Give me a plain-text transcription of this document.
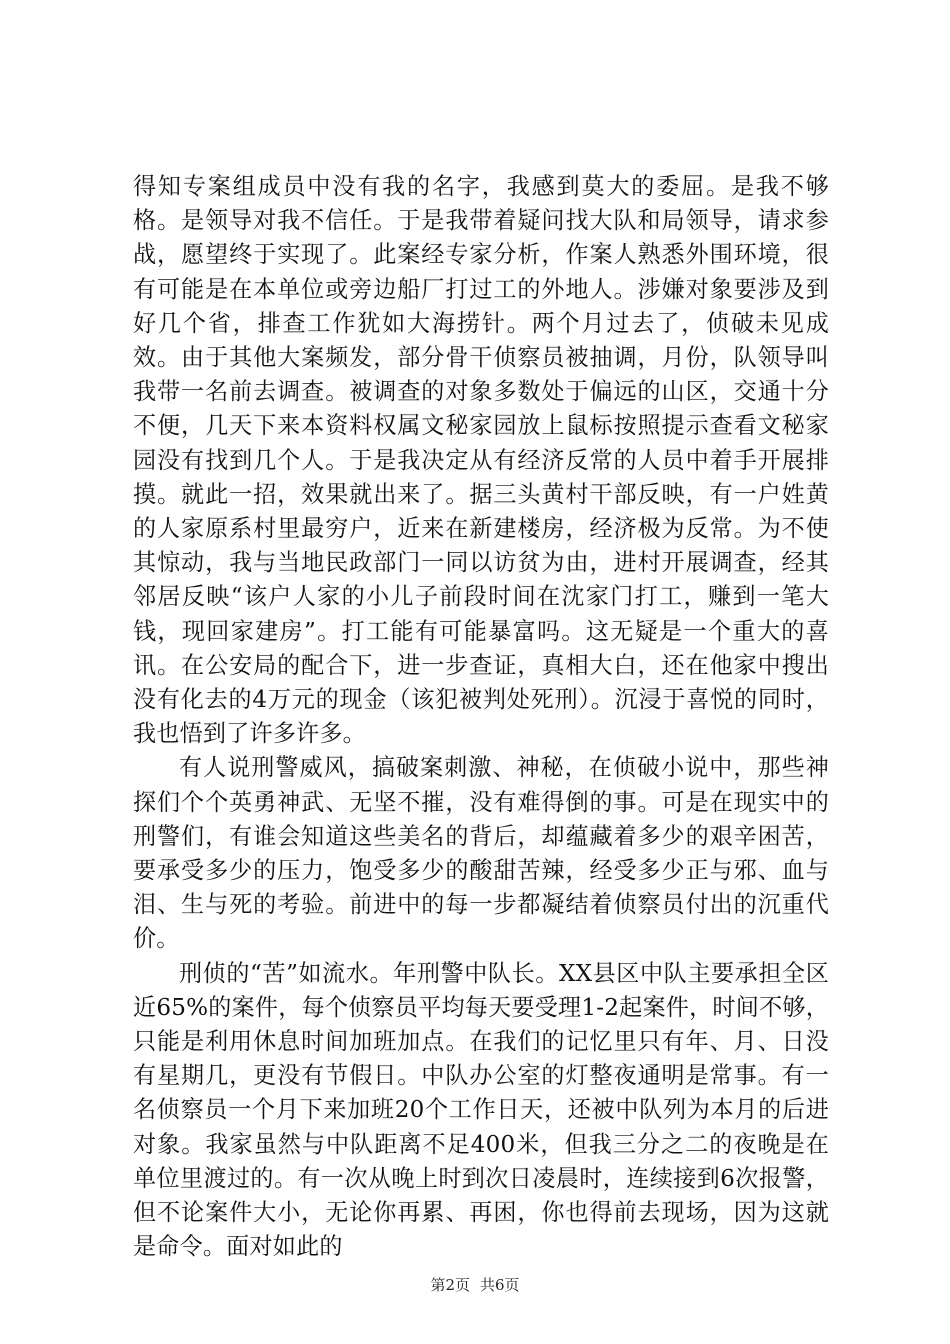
得知专案组成员中没有我的名字，我感到莫大的委屈。是我不够格。是领导对我不信任。于是我带着疑问找大队和局领导，请求参战，愿望终于实现了。此案经专家分析，作案人熟悉外围环境，很有可能是在本单位或旁边船厂打过工的外地人。涉嫌对象要涉及到好几个省，排查工作犹如大海捞针。两个月过去了，侦破未见成效。由于其他大案频发，部分骨干侦察员被抽调，月份，队领导叫我带一名前去调查。被调查的对象多数处于偏远的山区，交通十分不便，几天下来本资料权属文秘家园放上鼠标按照提示查看文秘家园没有找到几个人。于是我决定从有经济反常的人员中着手开展排摸。就此一招，效果就出来了。据三头黄村干部反映，有一户姓黄的人家原系村里最穷户，近来在新建楼房，经济极为反常。为不使其惊动，我与当地民政部门一同以访贫为由，进村开展调查，经其邻居反映“该户人家的小儿子前段时间在沈家门打工，赚到一笔大钱，现回家建房”。打工能有可能暴富吗。这无疑是一个重大的喜讯。在公安局的配合下，进一步查证，真相大白，还在他家中搜出没有化去的4万元的现金（该犯被判处死刑）。沉浸于喜悦的同时，我也悟到了许多许多。

有人说刑警威风，搞破案刺激、神秘，在侦破小说中，那些神探们个个英勇神武、无坚不摧，没有难得倒的事。可是在现实中的刑警们，有谁会知道这些美名的背后，却蕴藏着多少的艰辛困苦，要承受多少的压力，饱受多少的酸甜苦辣，经受多少正与邪、血与泪、生与死的考验。前进中的每一步都凝结着侦察员付出的沉重代价。

刑侦的“苦”如流水。年刑警中队长。XX县区中队主要承担全区近65%的案件，每个侦察员平均每天要受理1-2起案件，时间不够，只能是利用休息时间加班加点。在我们的记忆里只有年、月、日没有星期几，更没有节假日。中队办公室的灯整夜通明是常事。有一名侦察员一个月下来加班20个工作日天，还被中队列为本月的后进对象。我家虽然与中队距离不足400米，但我三分之二的夜晚是在单位里渡过的。有一次从晚上时到次日凌晨时，连续接到6次报警，但不论案件大小，无论你再累、再困，你也得前去现场，因为这就是命令。面对如此的

第2页 共6页
